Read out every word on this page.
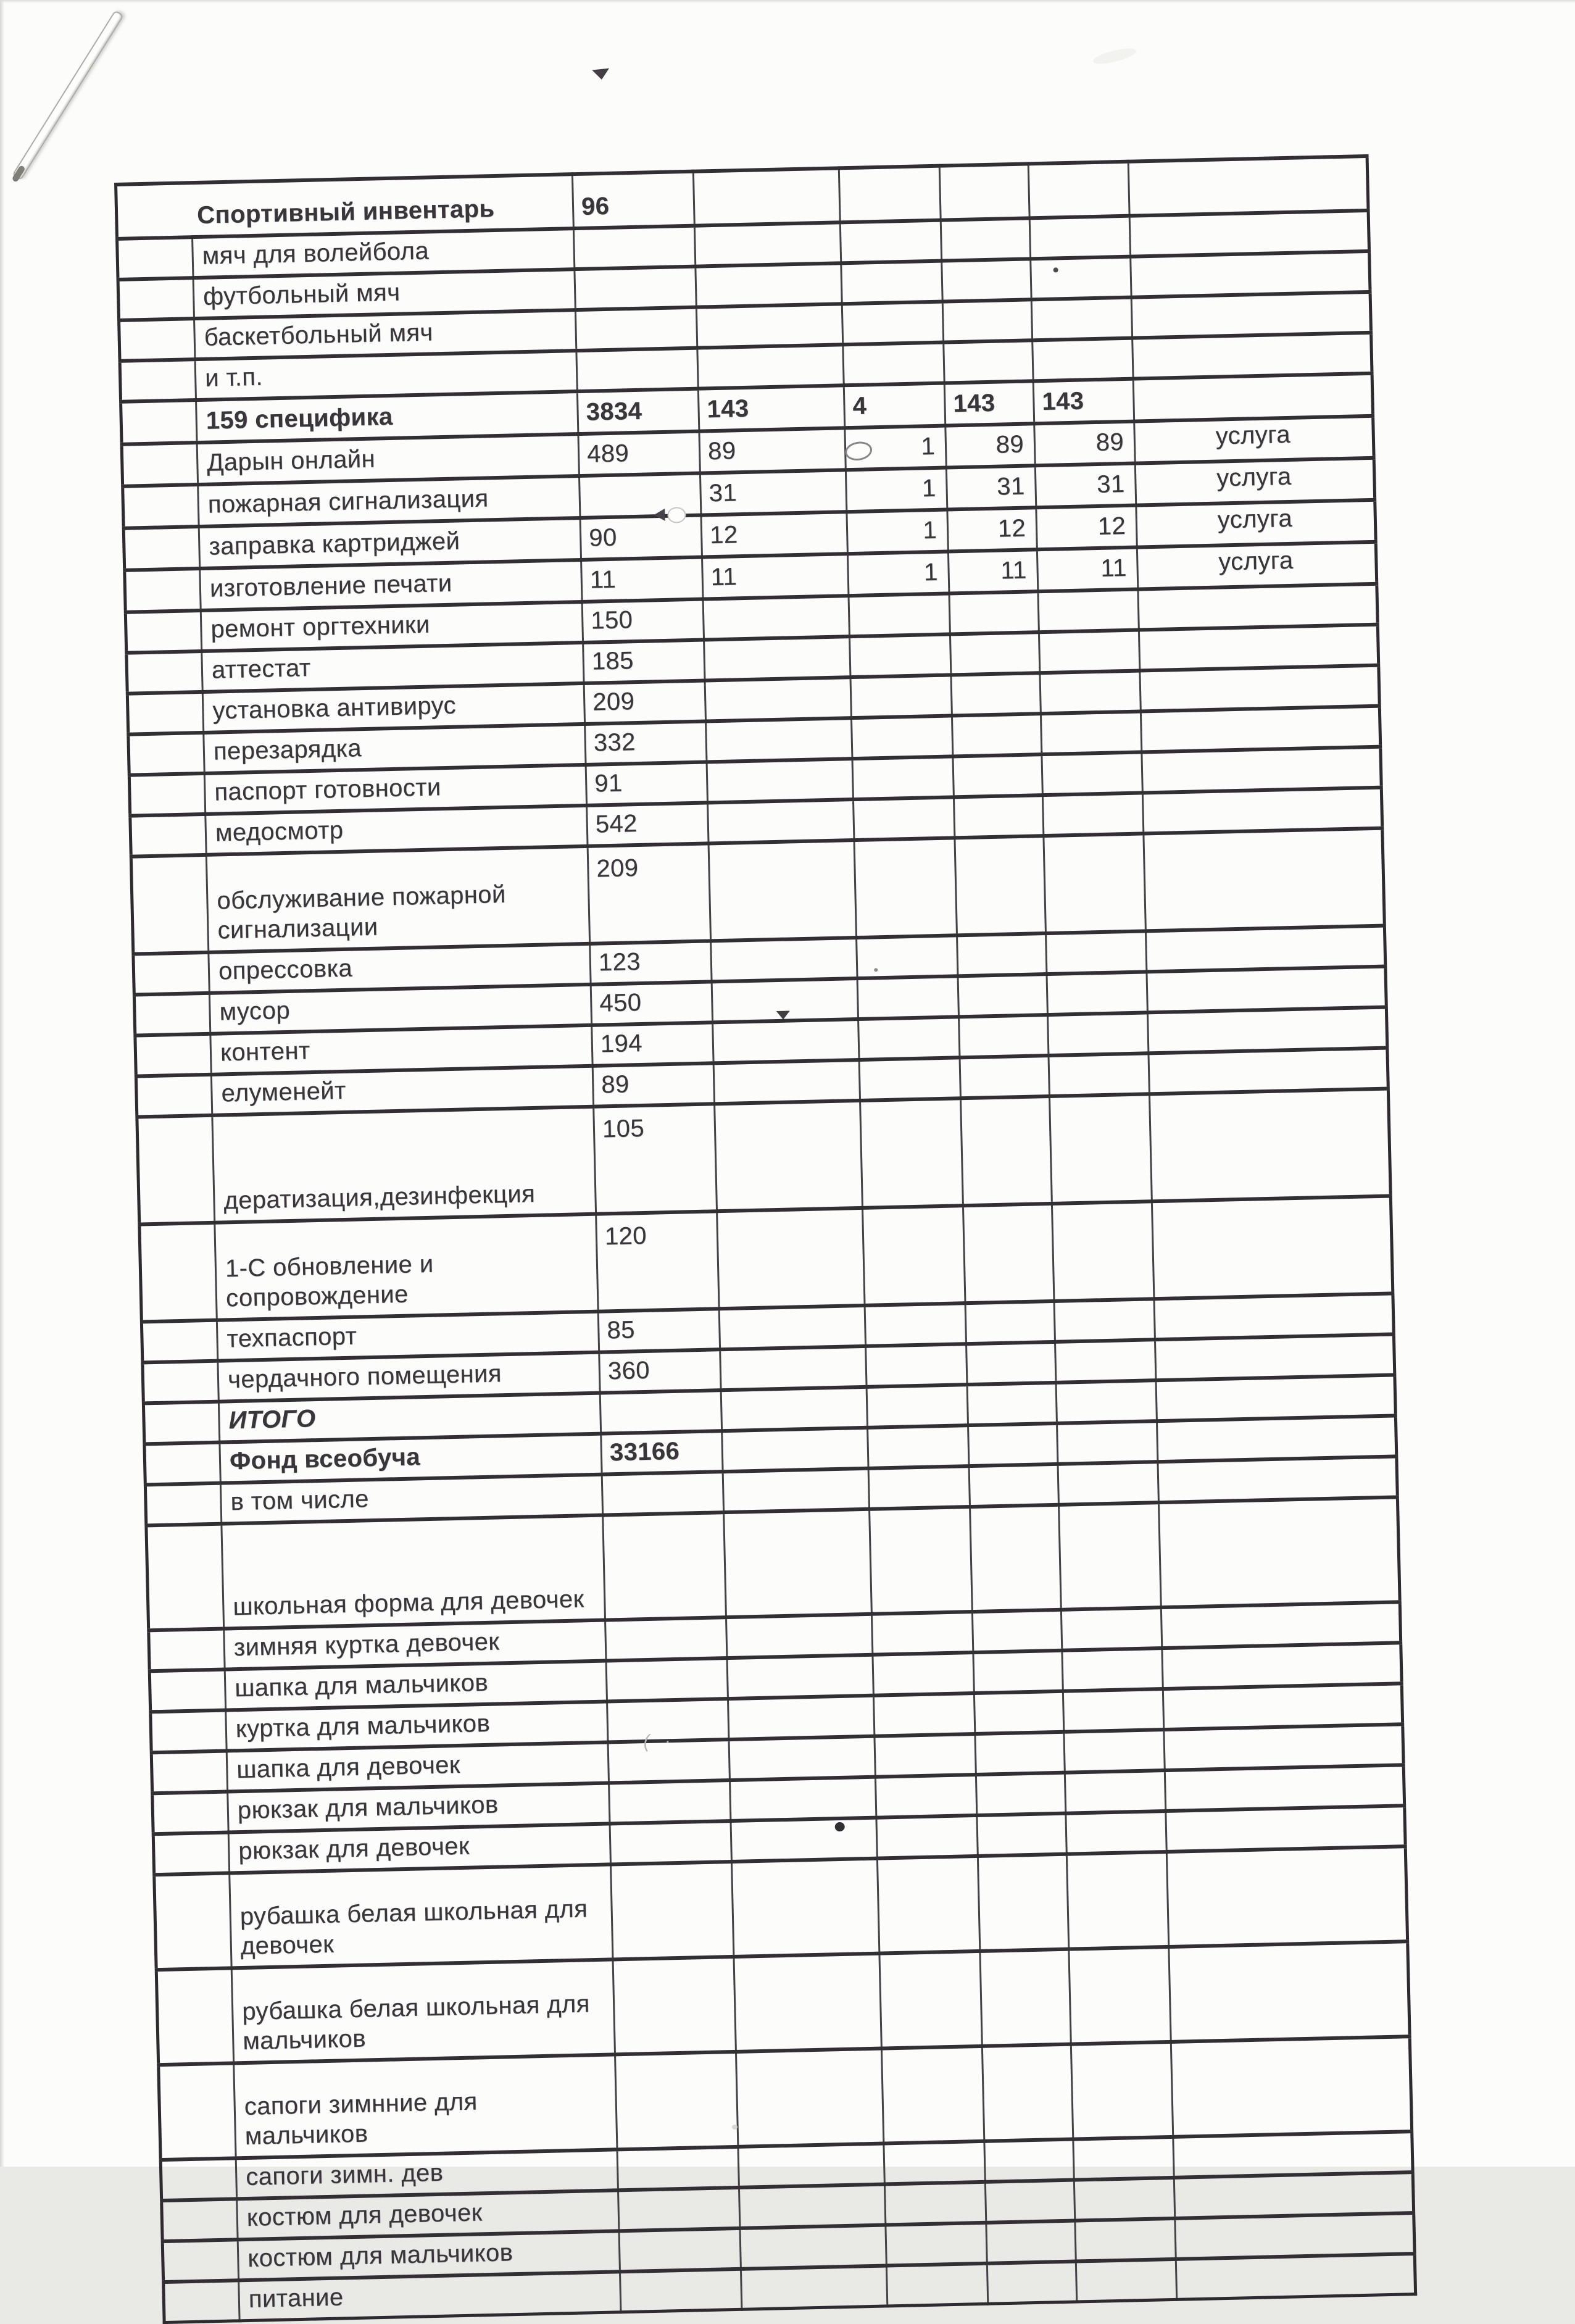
Спортивный инвентарь		96					
	мяч для волейбола						
	футбольный мяч						
	баскетбольный мяч						
	и т.п.						
	159 специфика	3834	143	4	143	143	
	Дарын онлайн	489	89	1	89	89	услуга
	пожарная сигнализация		31	1	31	31	услуга
	заправка картриджей	90	12	1	12	12	услуга
	изготовление печати	11	11	1	11	11	услуга
	ремонт оргтехники	150					
	аттестат	185					
	установка антивирус	209					
	перезарядка	332					
	паспорт готовности	91					
	медосмотр	542					
	обслуживание пожарной
сигнализации	209					
	опрессовка	123					
	мусор	450					
	контент	194					
	елуменейт	89					
	дератизация,дезинфекция	105					
	1-С обновление и
сопровождение	120					
	техпаспорт	85					
	чердачного помещения	360					
	ИТОГО						
	Фонд всеобуча	33166					
	в том числе						
	школьная форма для девочек						
	зимняя куртка девочек						
	шапка для мальчиков						
	куртка для мальчиков						
	шапка для девочек						
	рюкзак для мальчиков						
	рюкзак для девочек						
	рубашка белая школьная для
девочек						
	рубашка белая школьная для
мальчиков						
	сапоги зимнние для
мальчиков						
	сапоги зимн. дев						
	костюм для девочек						
	костюм для мальчиков						
	питание						
( ·
